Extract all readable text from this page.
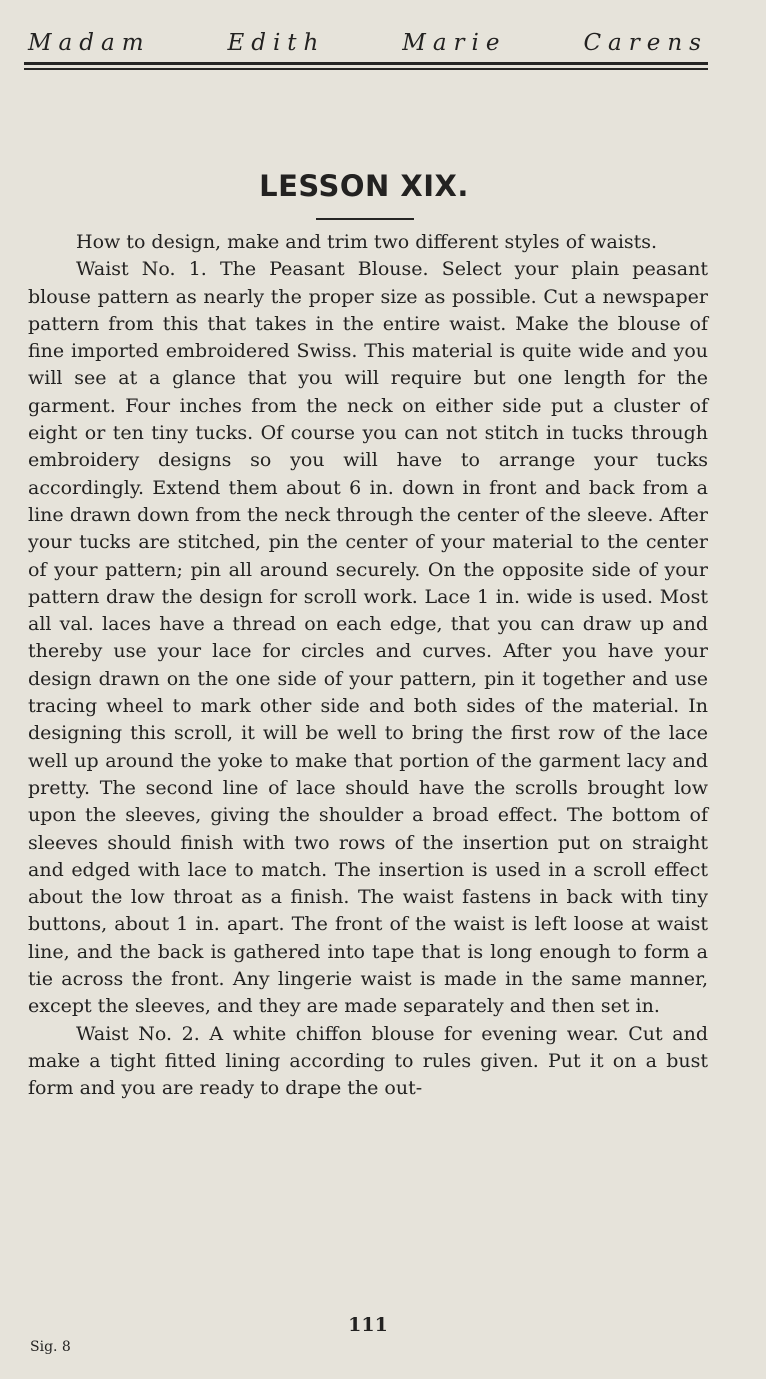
Madam	Edith	Marie	Carens
LESSON XIX.

How to design, make and trim two different styles of waists.

Waist No. 1. The Peasant Blouse. Select your plain peasant blouse pattern as nearly the proper size as possible. Cut a newspaper pattern from this that takes in the entire waist. Make the blouse of fine imported embroidered Swiss. This material is quite wide and you will see at a glance that you will require but one length for the garment. Four inches from the neck on either side put a cluster of eight or ten tiny tucks. Of course you can not stitch in tucks through embroidery designs so you will have to arrange your tucks accordingly. Extend them about 6 in. down in front and back from a line drawn down from the neck through the center of the sleeve. After your tucks are stitched, pin the center of your material to the center of your pattern; pin all around securely. On the opposite side of your pattern draw the design for scroll work. Lace 1 in. wide is used. Most all val. laces have a thread on each edge, that you can draw up and thereby use your lace for circles and curves. After you have your design drawn on the one side of your pattern, pin it together and use tracing wheel to mark other side and both sides of the material. In designing this scroll, it will be well to bring the first row of the lace well up around the yoke to make that portion of the garment lacy and pretty. The second line of lace should have the scrolls brought low upon the sleeves, giving the shoulder a broad effect. The bottom of sleeves should finish with two rows of the insertion put on straight and edged with lace to match. The insertion is used in a scroll effect about the low throat as a finish. The waist fastens in back with tiny buttons, about 1 in. apart. The front of the waist is left loose at waist line, and the back is gathered into tape that is long enough to form a tie across the front. Any lingerie waist is made in the same manner, except the sleeves, and they are made separately and then set in.

Waist No. 2. A white chiffon blouse for evening wear. Cut and make a tight fitted lining according to rules given. Put it on a bust form and you are ready to drape the out-

111
Sig. 8
